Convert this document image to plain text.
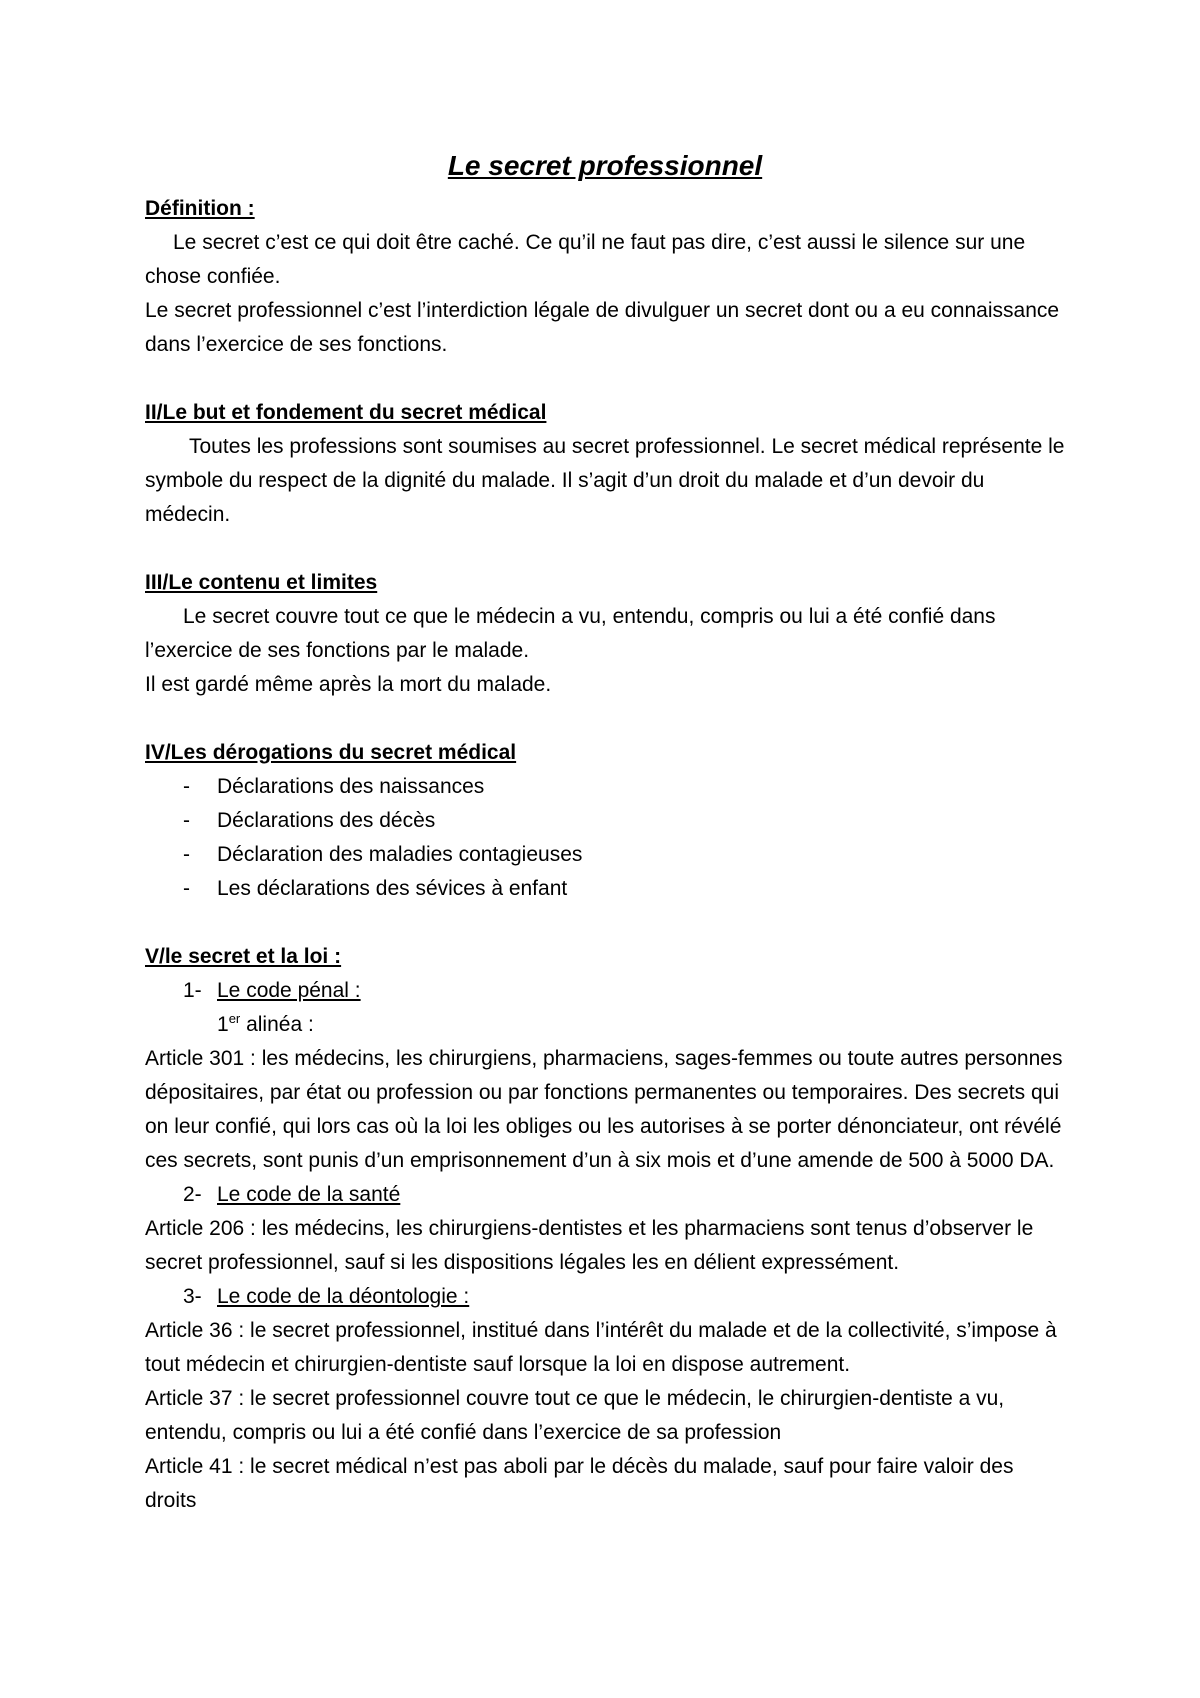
Le secret professionnel

Définition :

Le secret c’est ce qui doit être caché. Ce qu’il ne faut pas dire, c’est aussi le silence sur une chose confiée.

Le secret professionnel c’est l’interdiction légale de divulguer un secret dont ou a eu connaissance dans l’exercice de ses fonctions.

II/Le but et fondement du secret médical

Toutes les professions sont soumises au secret professionnel. Le secret médical représente le symbole du respect de la dignité du malade. Il s’agit d’un droit du malade et d’un devoir du médecin.

III/Le contenu et limites

Le secret couvre tout ce que le médecin a vu, entendu, compris ou lui a été confié dans l’exercice de ses fonctions par le malade.

Il est gardé même après la mort du malade.

IV/Les dérogations du secret médical

- Déclarations des naissances
- Déclarations des décès
- Déclaration des maladies contagieuses
- Les déclarations des sévices à enfant

V/le secret et la loi :

1- Le code pénal :
1er alinéa :

Article 301 : les médecins, les chirurgiens, pharmaciens, sages-femmes ou toute autres personnes dépositaires, par état ou profession ou par fonctions permanentes ou temporaires. Des secrets qui on leur confié, qui lors cas où la loi les obliges ou les autorises à se porter dénonciateur, ont révélé ces secrets, sont punis d’un emprisonnement d’un à six mois et d’une amende de 500 à 5000 DA.

2- Le code de la santé

Article 206 : les médecins, les chirurgiens-dentistes et les pharmaciens sont tenus d’observer le secret professionnel, sauf si les dispositions légales les en délient expressément.

3- Le code de la déontologie :

Article 36 : le secret professionnel, institué dans l’intérêt du malade et de la collectivité, s’impose à tout médecin et chirurgien-dentiste sauf lorsque la loi en dispose autrement.

Article 37 : le secret professionnel couvre tout ce que le médecin, le chirurgien-dentiste a vu, entendu, compris ou lui a été confié dans l’exercice de sa profession

Article 41 : le secret médical n’est pas aboli par le décès du malade, sauf pour faire valoir des droits
